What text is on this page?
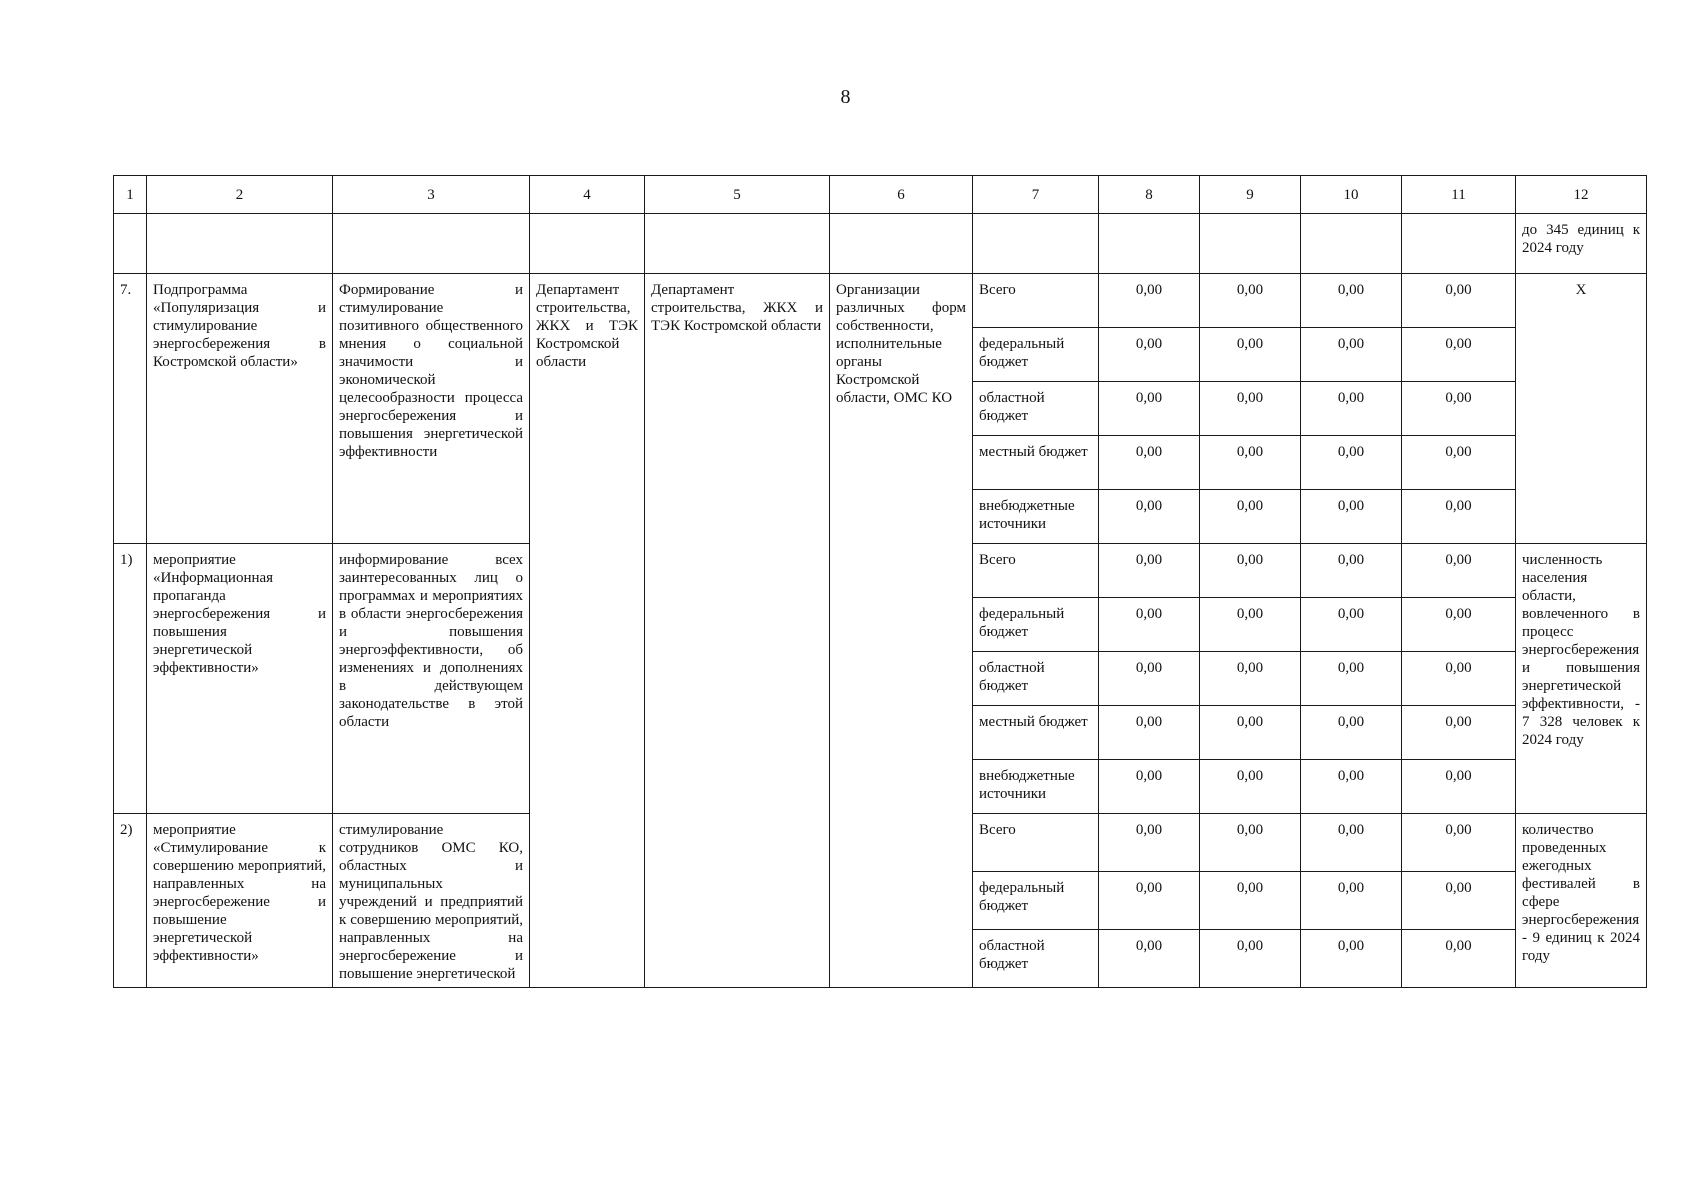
8
1	2	3	4	5	6	7	8	9	10	11	12
											до 345 единиц к 2024 году
7.	Подпрограмма «Популяризация и стимулирование энергосбережения в Костромской области»	Формирование и стимулирование позитивного общественного мнения о социальной значимости и экономической целесообразности процесса энергосбережения и повышения энергетической эффективности	Департамент строительства, ЖКХ и ТЭК Костромской области	Департамент строительства, ЖКХ и ТЭК Костромской области	Организации различных форм собственности, исполнительные органы Костромской области, ОМС КО	Всего	0,00	0,00	0,00	0,00	Х
						федеральный бюджет	0,00	0,00	0,00	0,00	
						областной бюджет	0,00	0,00	0,00	0,00	
						местный бюджет	0,00	0,00	0,00	0,00	
						внебюджетные источники	0,00	0,00	0,00	0,00	
1)	мероприятие «Информационная пропаганда энергосбережения и повышения энергетической эффективности»	информирование всех заинтересованных лиц о программах и мероприятиях в области энергосбережения и повышения энергоэффективности, об изменениях и дополнениях в действующем законодательстве в этой области				Всего	0,00	0,00	0,00	0,00	численность населения области, вовлеченного в процесс энергосбережения и повышения энергетической эффективности, - 7 328 человек к 2024 году
						федеральный бюджет	0,00	0,00	0,00	0,00	
						областной бюджет	0,00	0,00	0,00	0,00	
						местный бюджет	0,00	0,00	0,00	0,00	
						внебюджетные источники	0,00	0,00	0,00	0,00	
2)	мероприятие «Стимулирование к совершению мероприятий, направленных на энергосбережение и повышение энергетической эффективности»	стимулирование сотрудников ОМС КО, областных и муниципальных учреждений и предприятий к совершению мероприятий, направленных на энергосбережение и повышение энергетической				Всего	0,00	0,00	0,00	0,00	количество проведенных ежегодных фестивалей в сфере энергосбережения - 9 единиц к 2024 году
						федеральный бюджет	0,00	0,00	0,00	0,00	
						областной бюджет	0,00	0,00	0,00	0,00	
